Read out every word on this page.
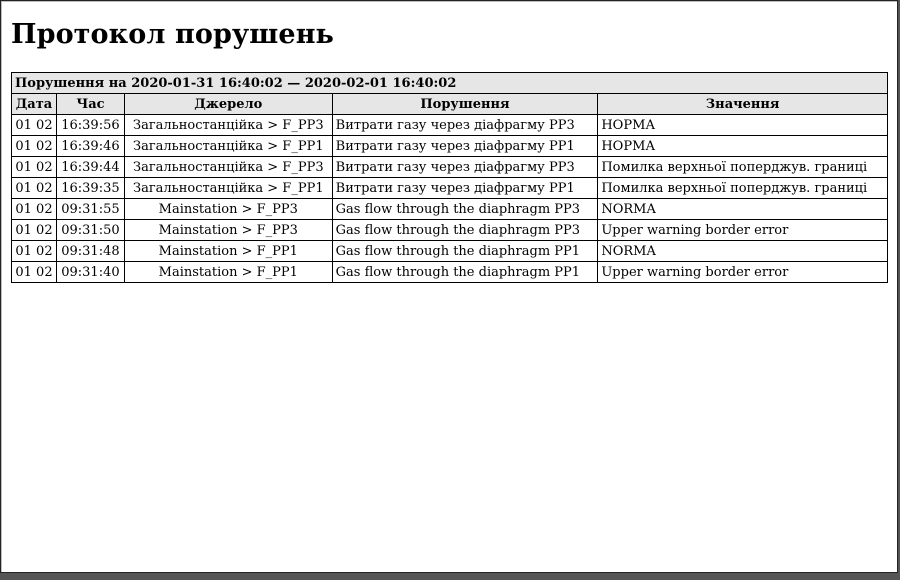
Протокол порушень
Порушення на 2020-01-31 16:40:02 — 2020-02-01 16:40:02				
Дата	Час	Джерело	Порушення	Значення
01 02	16:39:56	Загальностанційка > F_PP3	Витрати газу через діафрагму PP3	НОРМА
01 02	16:39:46	Загальностанційка > F_PP1	Витрати газу через діафрагму PP1	НОРМА
01 02	16:39:44	Загальностанційка > F_PP3	Витрати газу через діафрагму PP3	Помилка верхньої поперджув. границі
01 02	16:39:35	Загальностанційка > F_PP1	Витрати газу через діафрагму PP1	Помилка верхньої поперджув. границі
01 02	09:31:55	Mainstation > F_PP3	Gas flow through the diaphragm PP3	NORMA
01 02	09:31:50	Mainstation > F_PP3	Gas flow through the diaphragm PP3	Upper warning border error
01 02	09:31:48	Mainstation > F_PP1	Gas flow through the diaphragm PP1	NORMA
01 02	09:31:40	Mainstation > F_PP1	Gas flow through the diaphragm PP1	Upper warning border error
